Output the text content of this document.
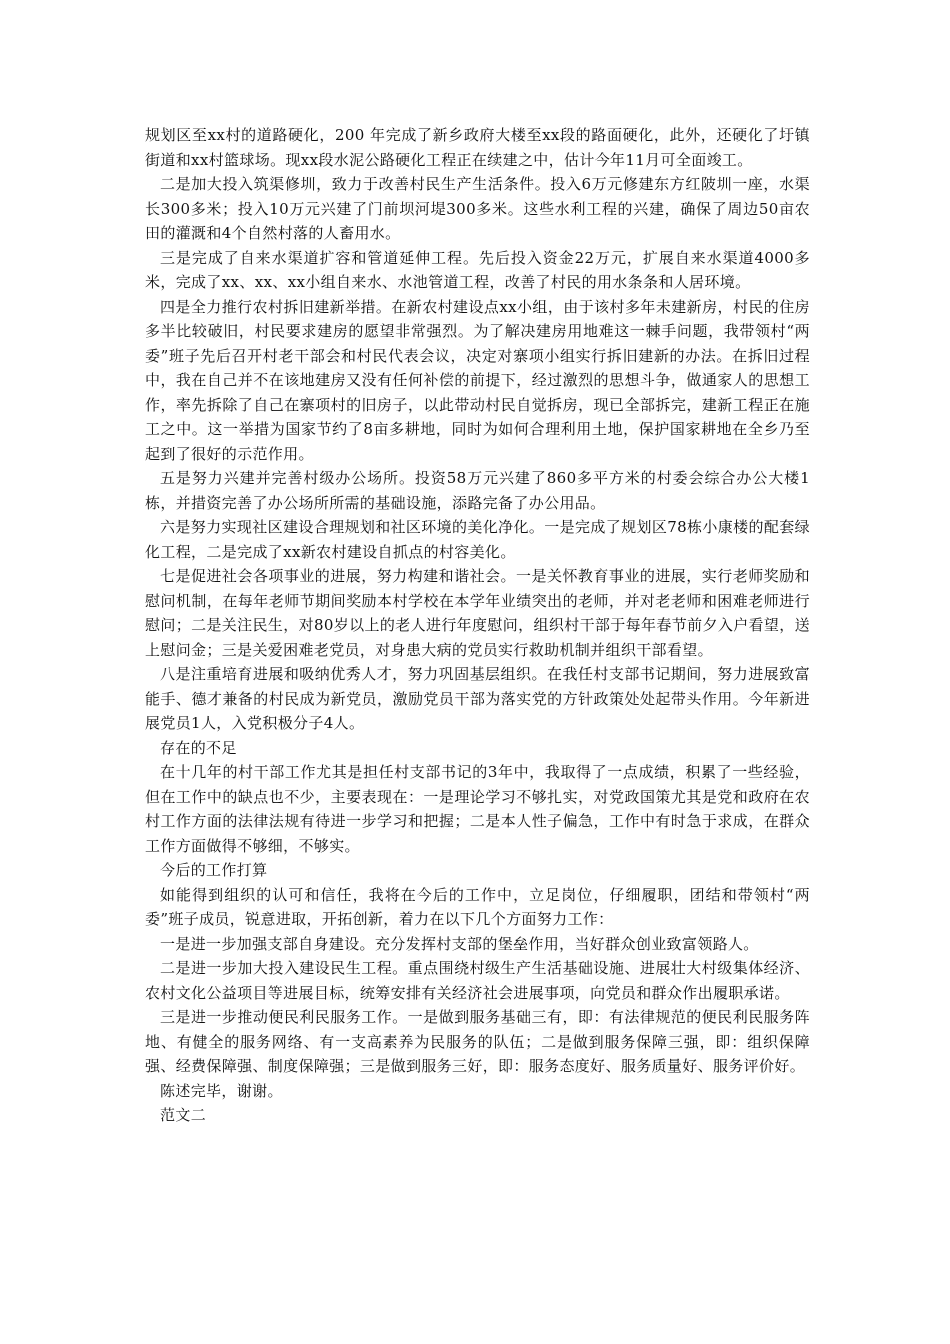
规划区至xx村的道路硬化，200 年完成了新乡政府大楼至xx段的路面硬化，此外，还硬化了圩镇街道和xx村篮球场。现xx段水泥公路硬化工程正在续建之中，估计今年11月可全面竣工。

二是加大投入筑渠修圳，致力于改善村民生产生活条件。投入6万元修建东方红陂圳一座，水渠长300多米；投入10万元兴建了门前坝河堤300多米。这些水利工程的兴建，确保了周边50亩农田的灌溉和4个自然村落的人畜用水。

三是完成了自来水渠道扩容和管道延伸工程。先后投入资金22万元，扩展自来水渠道4000多米，完成了xx、xx、xx小组自来水、水池管道工程，改善了村民的用水条条和人居环境。

四是全力推行农村拆旧建新举措。在新农村建设点xx小组，由于该村多年未建新房，村民的住房多半比较破旧，村民要求建房的愿望非常强烈。为了解决建房用地难这一棘手问题，我带领村“两委”班子先后召开村老干部会和村民代表会议，决定对寨项小组实行拆旧建新的办法。在拆旧过程中，我在自己并不在该地建房又没有任何补偿的前提下，经过激烈的思想斗争，做通家人的思想工作，率先拆除了自己在寨项村的旧房子，以此带动村民自觉拆房，现已全部拆完，建新工程正在施工之中。这一举措为国家节约了8亩多耕地，同时为如何合理利用土地，保护国家耕地在全乡乃至起到了很好的示范作用。

五是努力兴建并完善村级办公场所。投资58万元兴建了860多平方米的村委会综合办公大楼1栋，并措资完善了办公场所所需的基础设施，添路完备了办公用品。

六是努力实现社区建设合理规划和社区环境的美化净化。一是完成了规划区78栋小康楼的配套绿化工程，二是完成了xx新农村建设自抓点的村容美化。

七是促进社会各项事业的进展，努力构建和谐社会。一是关怀教育事业的进展，实行老师奖励和慰问机制，在每年老师节期间奖励本村学校在本学年业绩突出的老师，并对老老师和困难老师进行慰问；二是关注民生，对80岁以上的老人进行年度慰问，组织村干部于每年春节前夕入户看望，送上慰问金；三是关爱困难老党员，对身患大病的党员实行救助机制并组织干部看望。

八是注重培育进展和吸纳优秀人才，努力巩固基层组织。在我任村支部书记期间，努力进展致富能手、德才兼备的村民成为新党员，激励党员干部为落实党的方针政策处处起带头作用。今年新进展党员1人，入党积极分子4人。

存在的不足

在十几年的村干部工作尤其是担任村支部书记的3年中，我取得了一点成绩，积累了一些经验，但在工作中的缺点也不少，主要表现在：一是理论学习不够扎实，对党政国策尤其是党和政府在农村工作方面的法律法规有待进一步学习和把握；二是本人性子偏急，工作中有时急于求成，在群众工作方面做得不够细，不够实。

今后的工作打算

如能得到组织的认可和信任，我将在今后的工作中，立足岗位，仔细履职，团结和带领村“两委”班子成员，锐意进取，开拓创新，着力在以下几个方面努力工作：

一是进一步加强支部自身建设。充分发挥村支部的堡垒作用，当好群众创业致富领路人。

二是进一步加大投入建设民生工程。重点围绕村级生产生活基础设施、进展壮大村级集体经济、农村文化公益项目等进展目标，统筹安排有关经济社会进展事项，向党员和群众作出履职承诺。

三是进一步推动便民利民服务工作。一是做到服务基础三有，即：有法律规范的便民利民服务阵地、有健全的服务网络、有一支高素养为民服务的队伍；二是做到服务保障三强，即：组织保障强、经费保障强、制度保障强；三是做到服务三好，即：服务态度好、服务质量好、服务评价好。

陈述完毕，谢谢。

范文二
